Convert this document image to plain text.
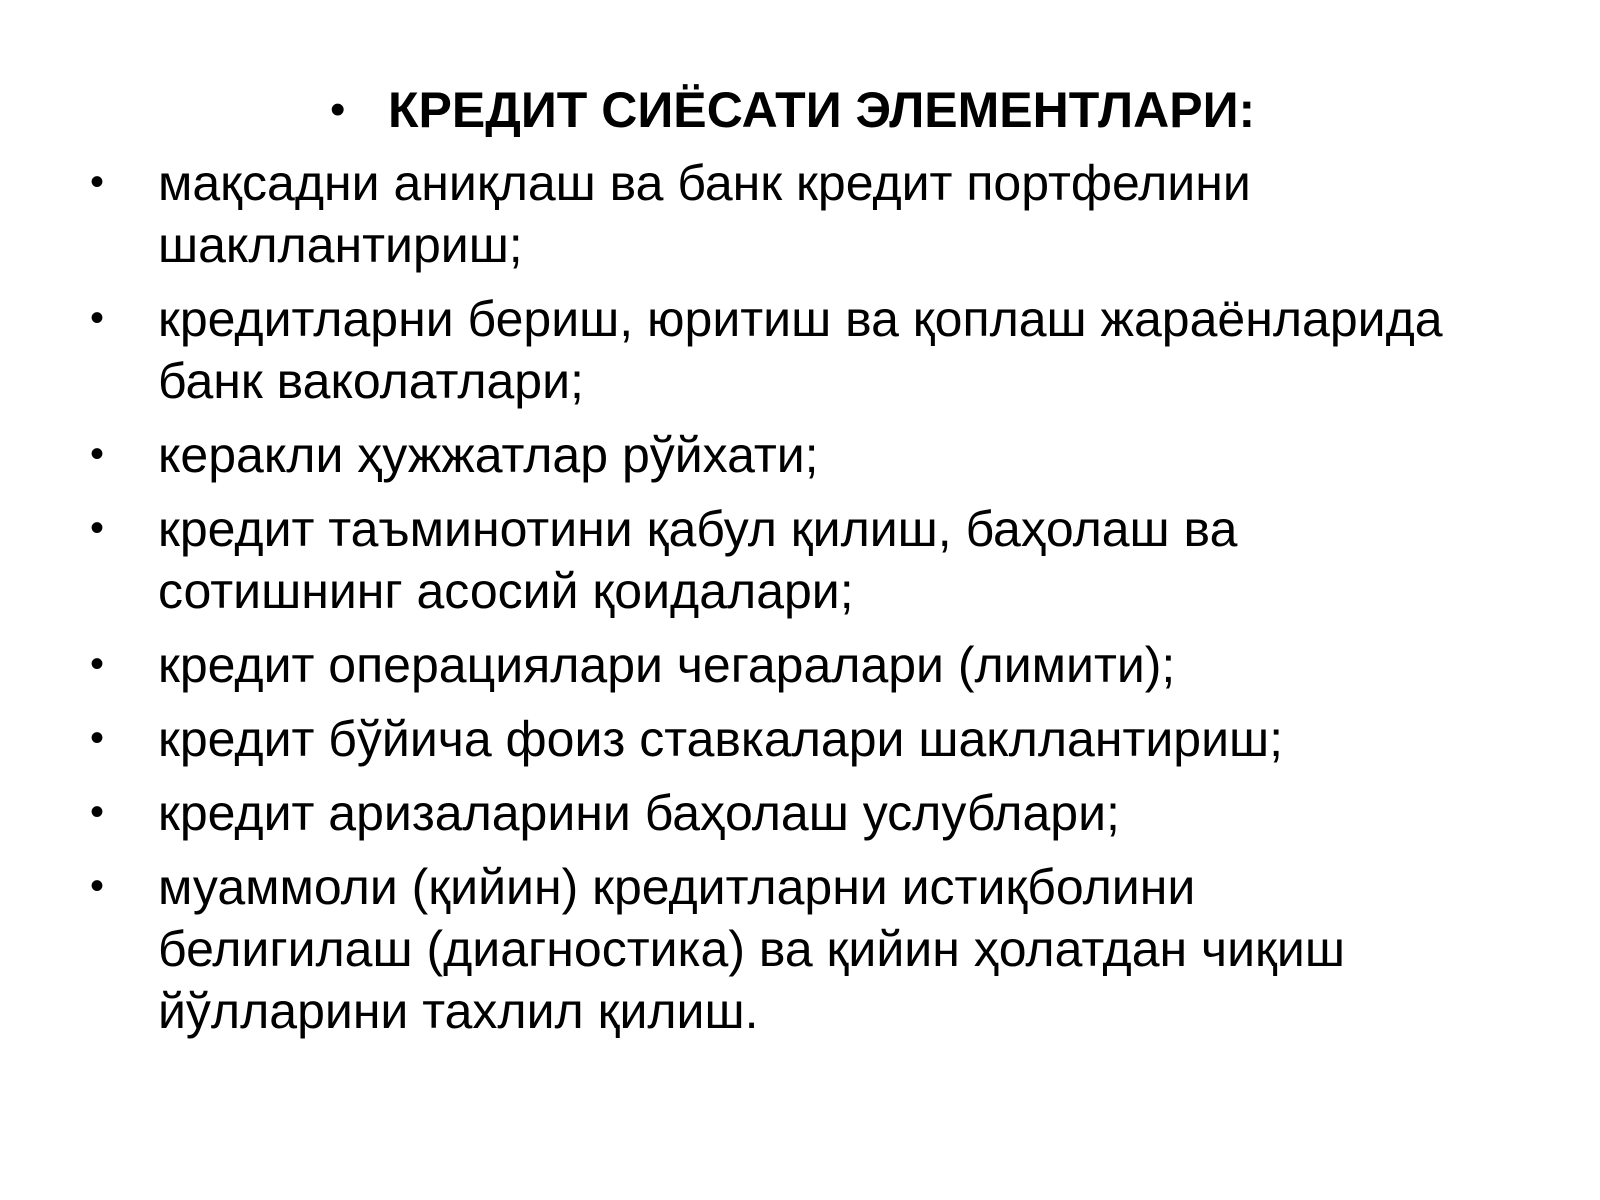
• КРЕДИТ СИЁСАТИ ЭЛЕМЕНТЛАРИ:
•	мақсадни аниқлаш ва банк кредит портфелини
шакллантириш;
•	кредитларни бериш, юритиш ва қоплаш жараёнларида
банк ваколатлари;
•	керакли ҳужжатлар рўйхати;
•	кредит таъминотини қабул қилиш, баҳолаш ва
сотишнинг асосий қоидалари;
•	кредит операциялари чегаралари (лимити);
•	кредит бўйича фоиз ставкалари шакллантириш;
•	кредит аризаларини баҳолаш услублари;
•	муаммоли (қийин) кредитларни истиқболини
белигилаш (диагностика) ва қийин ҳолатдан чиқиш
йўлларини тахлил қилиш.
